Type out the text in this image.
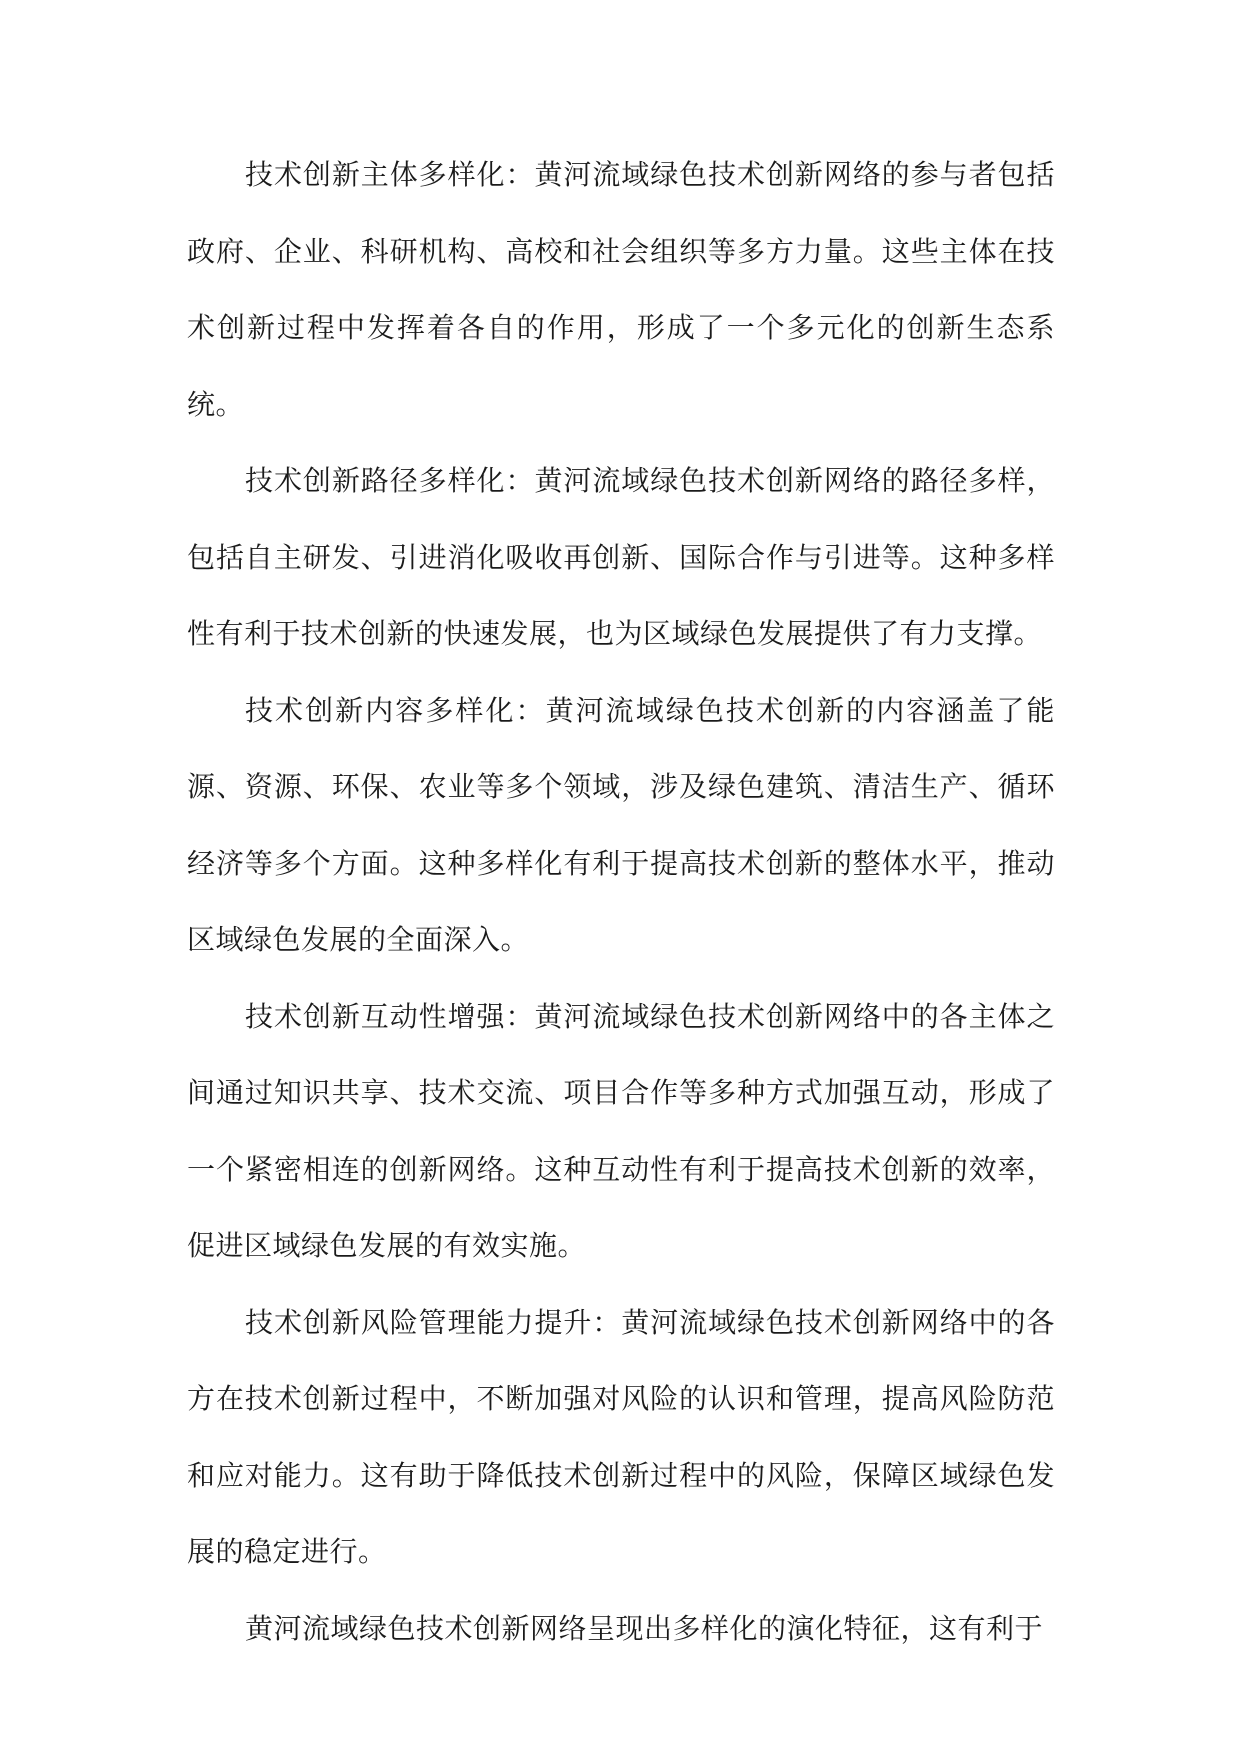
技术创新主体多样化：黄河流域绿色技术创新网络的参与者包括政府、企业、科研机构、高校和社会组织等多方力量。这些主体在技术创新过程中发挥着各自的作用，形成了一个多元化的创新生态系统。

技术创新路径多样化：黄河流域绿色技术创新网络的路径多样，包括自主研发、引进消化吸收再创新、国际合作与引进等。这种多样性有利于技术创新的快速发展，也为区域绿色发展提供了有力支撑。

技术创新内容多样化：黄河流域绿色技术创新的内容涵盖了能源、资源、环保、农业等多个领域，涉及绿色建筑、清洁生产、循环经济等多个方面。这种多样化有利于提高技术创新的整体水平，推动区域绿色发展的全面深入。

技术创新互动性增强：黄河流域绿色技术创新网络中的各主体之间通过知识共享、技术交流、项目合作等多种方式加强互动，形成了一个紧密相连的创新网络。这种互动性有利于提高技术创新的效率，促进区域绿色发展的有效实施。

技术创新风险管理能力提升：黄河流域绿色技术创新网络中的各方在技术创新过程中，不断加强对风险的认识和管理，提高风险防范和应对能力。这有助于降低技术创新过程中的风险，保障区域绿色发展的稳定进行。

黄河流域绿色技术创新网络呈现出多样化的演化特征，这有利于
